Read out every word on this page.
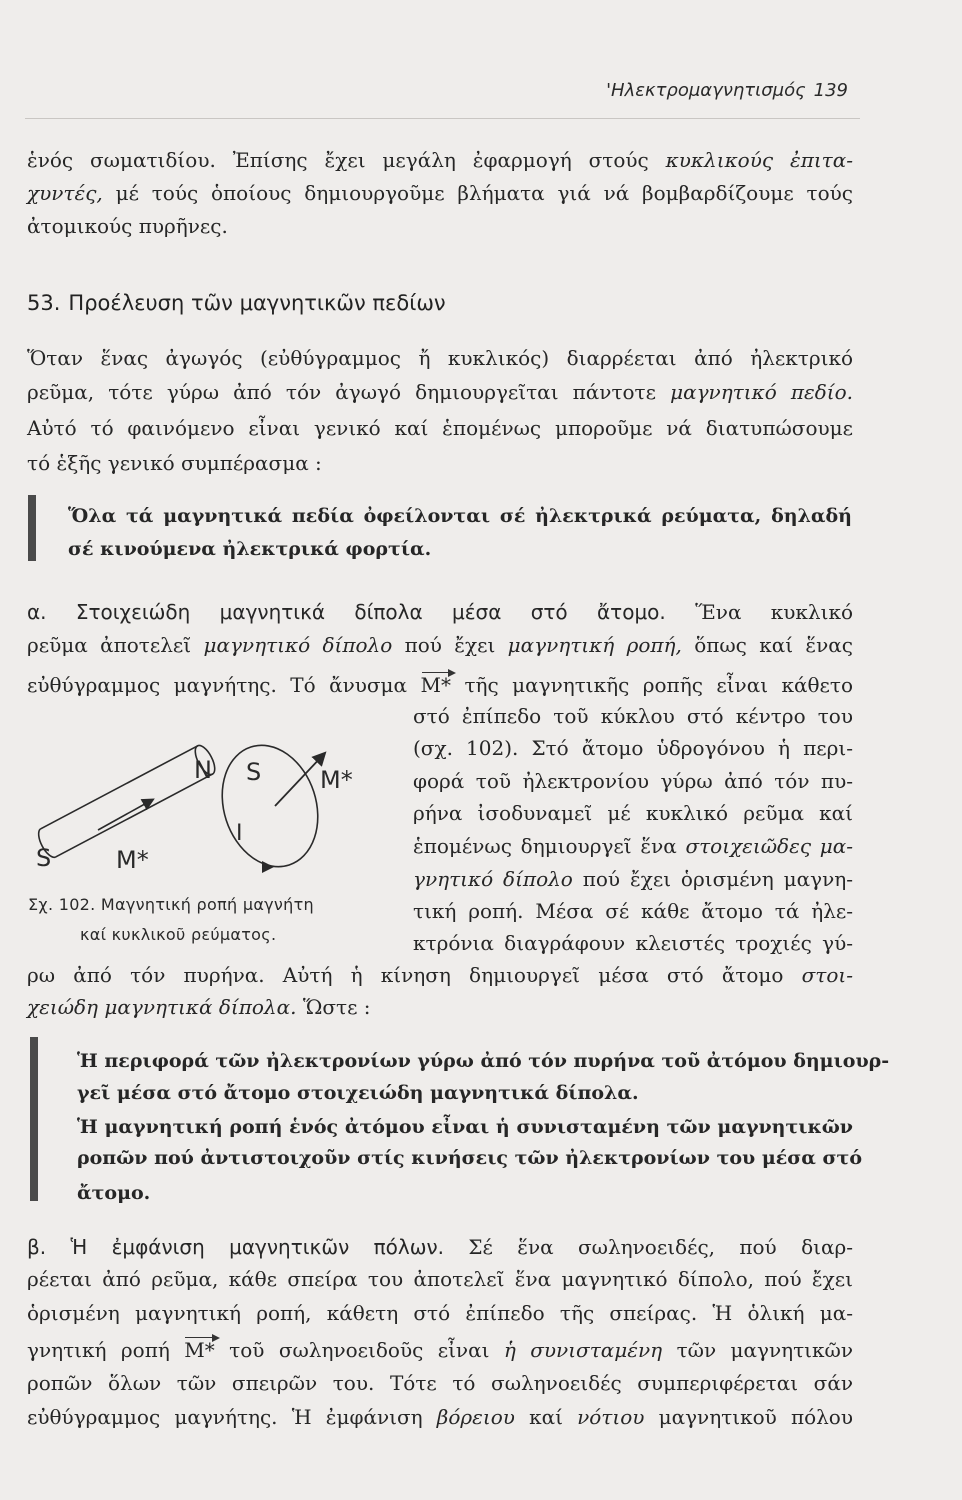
'Ηλεκτρομαγνητισμός 139
53. Προέλευση τῶν μαγνητικῶν πεδίων
N
S	M*
S M*
I
Σχ. 102. Μαγνητική ροπή μαγνήτη
καί κυκλικοῦ ρεύματος.
ἑνός σωματιδίου. Ἐπίσης ἔχει μεγάλη ἐφαρμογή στούς κυκλικούς ἐπιτα-
χυντές, μέ τούς ὁποίους δημιουργοῦμε βλήματα γιά νά βομβαρδίζουμε τούς
ἀτομικούς πυρῆνες.
Ὅταν ἕνας ἀγωγός (εὐθύγραμμος ἤ κυκλικός) διαρρέεται ἀπό ἠλεκτρικό
ρεῦμα, τότε γύρω ἀπό τόν ἀγωγό δημιουργεῖται πάντοτε μαγνητικό πεδίο.
Αὐτό τό φαινόμενο εἶναι γενικό καί ἑπομένως μποροῦμε νά διατυπώσουμε
τό ἑξῆς γενικό συμπέρασμα :
Ὅλα τά μαγνητικά πεδία ὀφείλονται σέ ἠλεκτρικά ρεύματα, δηλαδή
σέ κινούμενα ἠλεκτρικά φορτία.
α. Στοιχειώδη μαγνητικά δίπολα μέσα στό ἄτομο. Ἕνα κυκλικό
ρεῦμα ἀποτελεῖ μαγνητικό δίπολο πού ἔχει μαγνητική ροπή, ὅπως καί ἕνας
εὐθύγραμμος μαγνήτης. Τό ἄνυσμα M* τῆς μαγνητικῆς ροπῆς εἶναι κάθετο
στό ἐπίπεδο τοῦ κύκλου στό κέντρο του
(σχ. 102). Στό ἄτομο ὑδρογόνου ἡ περι-
φορά τοῦ ἠλεκτρονίου γύρω ἀπό τόν πυ-
ρήνα ἰσοδυναμεῖ μέ κυκλικό ρεῦμα καί
ἑπομένως δημιουργεῖ ἕνα στοιχειῶδες μα-
γνητικό δίπολο πού ἔχει ὁρισμένη μαγνη-
τική ροπή. Μέσα σέ κάθε ἄτομο τά ἠλε-
κτρόνια διαγράφουν κλειστές τροχιές γύ-
ρω ἀπό τόν πυρήνα. Αὐτή ἡ κίνηση δημιουργεῖ μέσα στό ἄτομο στοι-
χειώδη μαγνητικά δίπολα. Ὥστε :
Ἡ περιφορά τῶν ἠλεκτρονίων γύρω ἀπό τόν πυρήνα τοῦ ἀτόμου δημιουρ-
γεῖ μέσα στό ἄτομο στοιχειώδη μαγνητικά δίπολα.
Ἡ μαγνητική ροπή ἑνός ἀτόμου εἶναι ἡ συνισταμένη τῶν μαγνητικῶν
ροπῶν πού ἀντιστοιχοῦν στίς κινήσεις τῶν ἠλεκτρονίων του μέσα στό
ἄτομο.
β. Ἡ ἐμφάνιση μαγνητικῶν πόλων. Σέ ἕνα σωληνοειδές, πού διαρ-
ρέεται ἀπό ρεῦμα, κάθε σπείρα του ἀποτελεῖ ἕνα μαγνητικό δίπολο, πού ἔχει
ὁρισμένη μαγνητική ροπή, κάθετη στό ἐπίπεδο τῆς σπείρας. Ἡ ὁλική μα-
γνητική ροπή M* τοῦ σωληνοειδοῦς εἶναι ἡ συνισταμένη τῶν μαγνητικῶν
ροπῶν ὅλων τῶν σπειρῶν του. Τότε τό σωληνοειδές συμπεριφέρεται σάν
εὐθύγραμμος μαγνήτης. Ἡ ἐμφάνιση βόρειου καί νότιου μαγνητικοῦ πόλου
